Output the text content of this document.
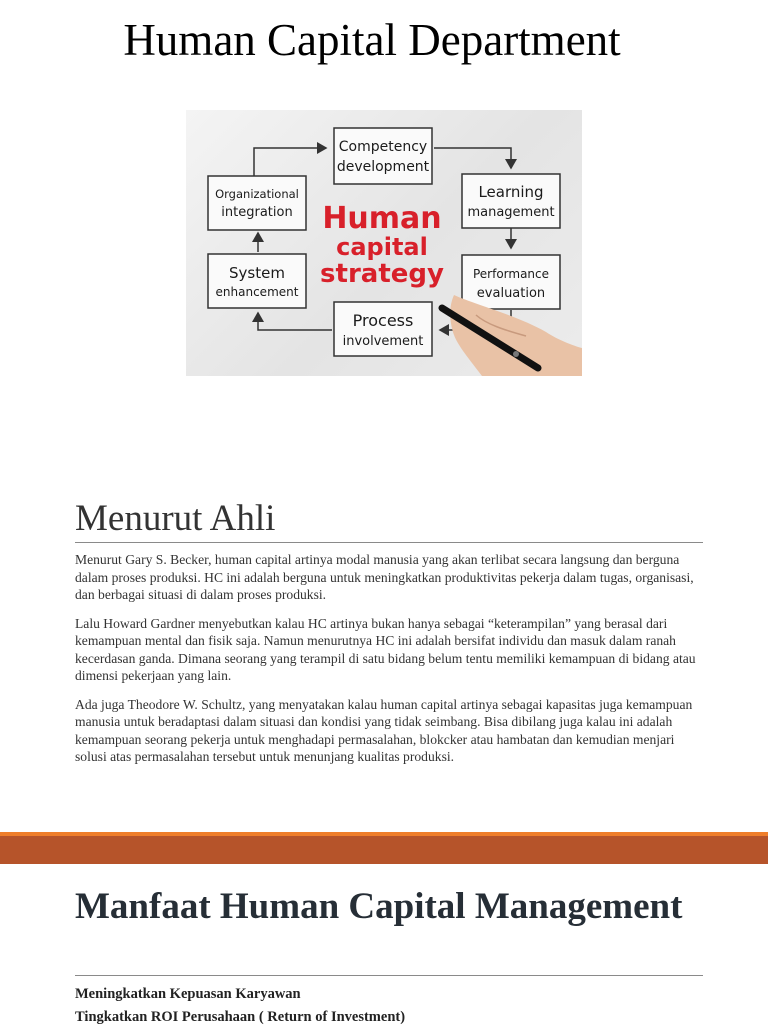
Human Capital Department
Competency
development
Learning
management
Performance
evaluation
Process
involvement
System
enhancement
Organizational
integration Human
capital
strategy
Menurut Ahli

Menurut Gary S. Becker, human capital artinya modal manusia yang akan terlibat secara langsung dan berguna dalam proses produksi. HC ini adalah berguna untuk meningkatkan produktivitas pekerja dalam tugas, organisasi, dan berbagai situasi di dalam proses produksi.

Lalu Howard Gardner menyebutkan kalau HC artinya bukan hanya sebagai “keterampilan” yang berasal dari kemampuan mental dan fisik saja. Namun menurutnya HC ini adalah bersifat individu dan masuk dalam ranah kecerdasan ganda. Dimana seorang yang terampil di satu bidang belum tentu memiliki kemampuan di bidang atau dimensi pekerjaan yang lain.

Ada juga Theodore W. Schultz, yang menyatakan kalau human capital artinya sebagai kapasitas juga kemampuan manusia untuk beradaptasi dalam situasi dan kondisi yang tidak seimbang. Bisa dibilang juga kalau ini adalah kemampuan seorang pekerja untuk menghadapi permasalahan, blokcker atau hambatan dan kemudian menjari solusi atas permasalahan tersebut untuk menunjang kualitas produksi.

Manfaat Human Capital Management
Meningkatkan Kepuasan Karyawan
Tingkatkan ROI Perusahaan ( Return of Investment)
